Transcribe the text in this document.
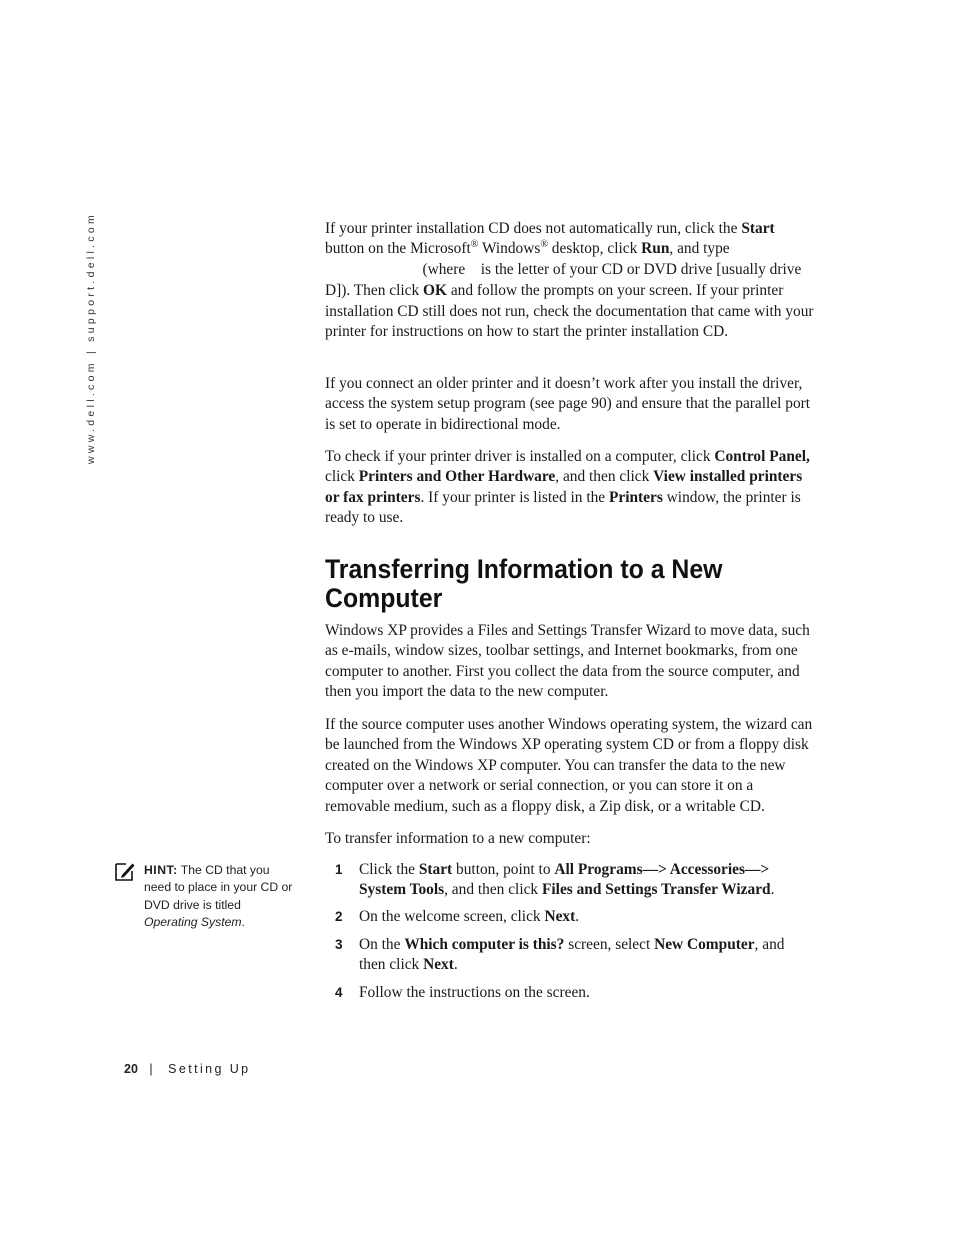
www.dell.com | support.dell.com	If your printer installation CD does not automatically run, click the Start button on the Microsoft® Windows® desktop, click Run, and type
(where is the letter of your CD or DVD drive [usually drive D]). Then click OK and follow the prompts on your screen. If your printer installation CD still does not run, check the documentation that came with your printer for instructions on how to start the printer installation CD.

If you connect an older printer and it doesn’t work after you install the driver, access the system setup program (see page 90) and ensure that the parallel port is set to operate in bidirectional mode.

To check if your printer driver is installed on a computer, click Control Panel, click Printers and Other Hardware, and then click View installed printers or fax printers. If your printer is listed in the Printers window, the printer is ready to use.

Transferring Information to a New Computer

Windows XP provides a Files and Settings Transfer Wizard to move data, such as e-mails, window sizes, toolbar settings, and Internet bookmarks, from one computer to another. First you collect the data from the source computer, and then you import the data to the new computer.

If the source computer uses another Windows operating system, the wizard can be launched from the Windows XP operating system CD or from a floppy disk created on the Windows XP computer. You can transfer the data to the new computer over a network or serial connection, or you can store it on a removable medium, such as a floppy disk, a Zip disk, or a writable CD.

To transfer information to a new computer:

1	Click the Start button, point to All Programs—> Accessories—> System Tools, and then click Files and Settings Transfer Wizard.
2	On the welcome screen, click Next.
3	On the Which computer is this? screen, select New Computer, and then click Next.
4	Follow the instructions on the screen.
HINT: The CD that you need to place in your CD or DVD drive is titled Operating System.
20 | Setting Up
